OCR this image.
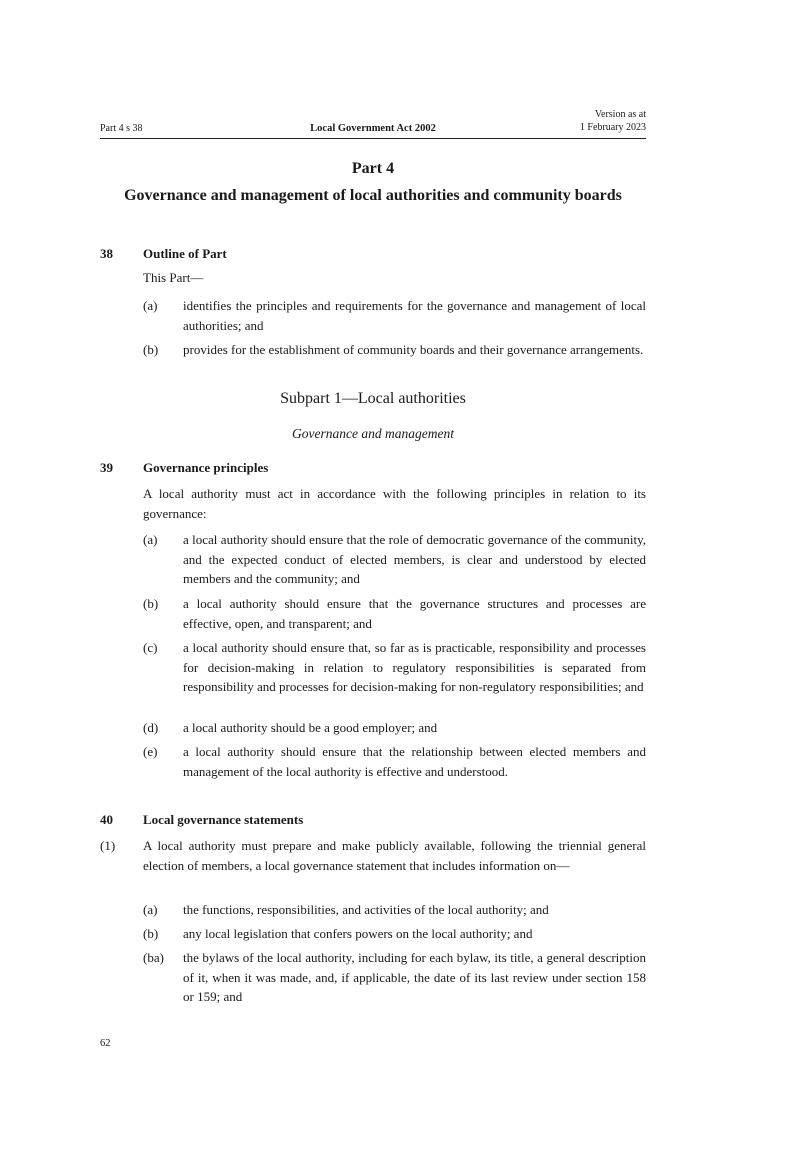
Part 4 s 38	Local Government Act 2002
Version as at
1 February 2023
Part 4
Governance and management of local authorities and community boards
38 Outline of Part
This Part—
(a) identifies the principles and requirements for the governance and management of local authorities; and
(b) provides for the establishment of community boards and their governance arrangements.
Subpart 1—Local authorities
Governance and management
39 Governance principles
A local authority must act in accordance with the following principles in relation to its governance:
(a) a local authority should ensure that the role of democratic governance of the community, and the expected conduct of elected members, is clear and understood by elected members and the community; and
(b) a local authority should ensure that the governance structures and processes are effective, open, and transparent; and
(c) a local authority should ensure that, so far as is practicable, responsibility and processes for decision-making in relation to regulatory responsibilities is separated from responsibility and processes for decision-making for non-regulatory responsibilities; and
(d) a local authority should be a good employer; and
(e) a local authority should ensure that the relationship between elected members and management of the local authority is effective and understood.
40 Local governance statements
(1) A local authority must prepare and make publicly available, following the triennial general election of members, a local governance statement that includes information on—
(a) the functions, responsibilities, and activities of the local authority; and
(b) any local legislation that confers powers on the local authority; and
(ba) the bylaws of the local authority, including for each bylaw, its title, a general description of it, when it was made, and, if applicable, the date of its last review under section 158 or 159; and
62
